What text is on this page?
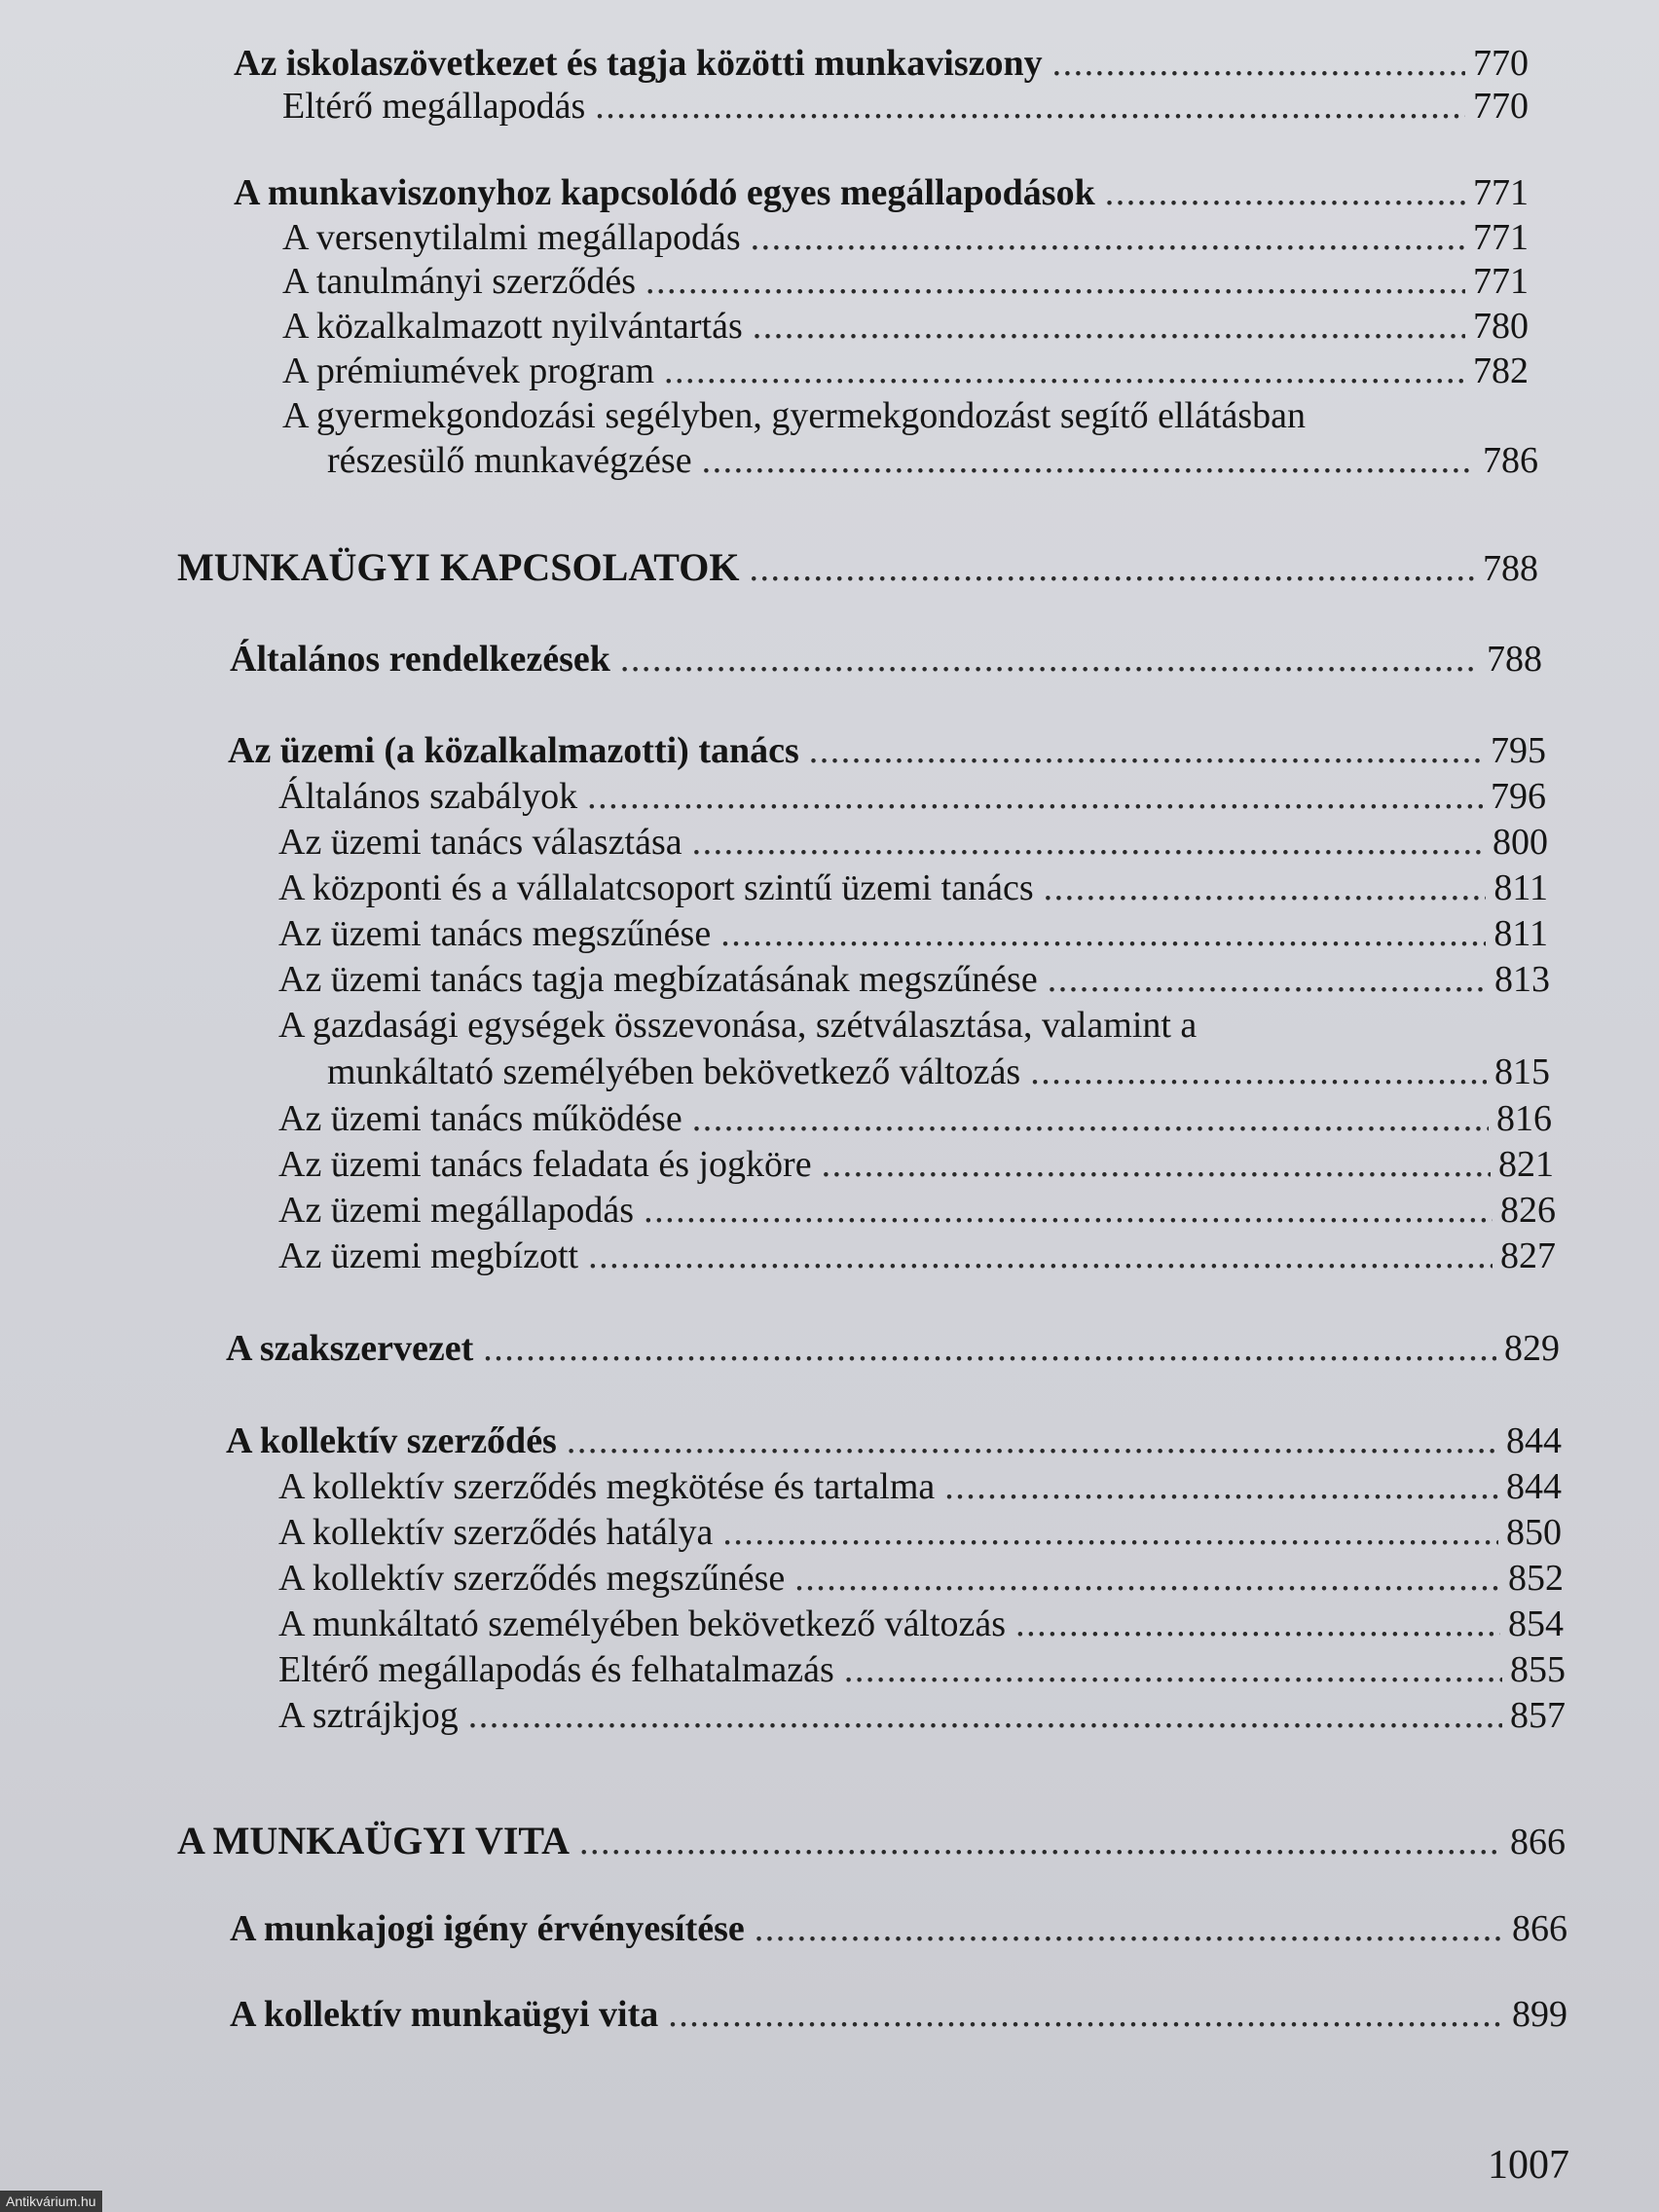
Az iskolaszövetkezet és tagja közötti munkaviszony . . .	770
Eltérő megállapodás . . .	770
A munkaviszonyhoz kapcsolódó egyes megállapodások . . .	771
A versenytilalmi megállapodás . . .	771
A tanulmányi szerződés . . .	771
A közalkalmazott nyilvántartás . . .	780
A prémiumévek program . . .	782
A gyermekgondozási segélyben, gyermekgondozást segítő ellátásban
részesülő munkavégzése . . .	786
MUNKAÜGYI KAPCSOLATOK . . .	788
Általános rendelkezések . . .	788
Az üzemi (a közalkalmazotti) tanács . . .	795
Általános szabályok . . .	796
Az üzemi tanács választása . . .	800
A központi és a vállalatcsoport szintű üzemi tanács . . .	811
Az üzemi tanács megszűnése . . .	811
Az üzemi tanács tagja megbízatásának megszűnése . . .	813
A gazdasági egységek összevonása, szétválasztása, valamint a
munkáltató személyében bekövetkező változás . . .	815
Az üzemi tanács működése . . .	816
Az üzemi tanács feladata és jogköre . . .	821
Az üzemi megállapodás . . .	826
Az üzemi megbízott . . .	827
A szakszervezet . . .	829
A kollektív szerződés . . .	844
A kollektív szerződés megkötése és tartalma . . .	844
A kollektív szerződés hatálya . . .	850
A kollektív szerződés megszűnése . . .	852
A munkáltató személyében bekövetkező változás . . .	854
Eltérő megállapodás és felhatalmazás . . .	855
A sztrájkjog . . .	857
A MUNKAÜGYI VITA . . .	866
A munkajogi igény érvényesítése . . .	866
A kollektív munkaügyi vita . . .	899
1007
Antikvárium.hu
